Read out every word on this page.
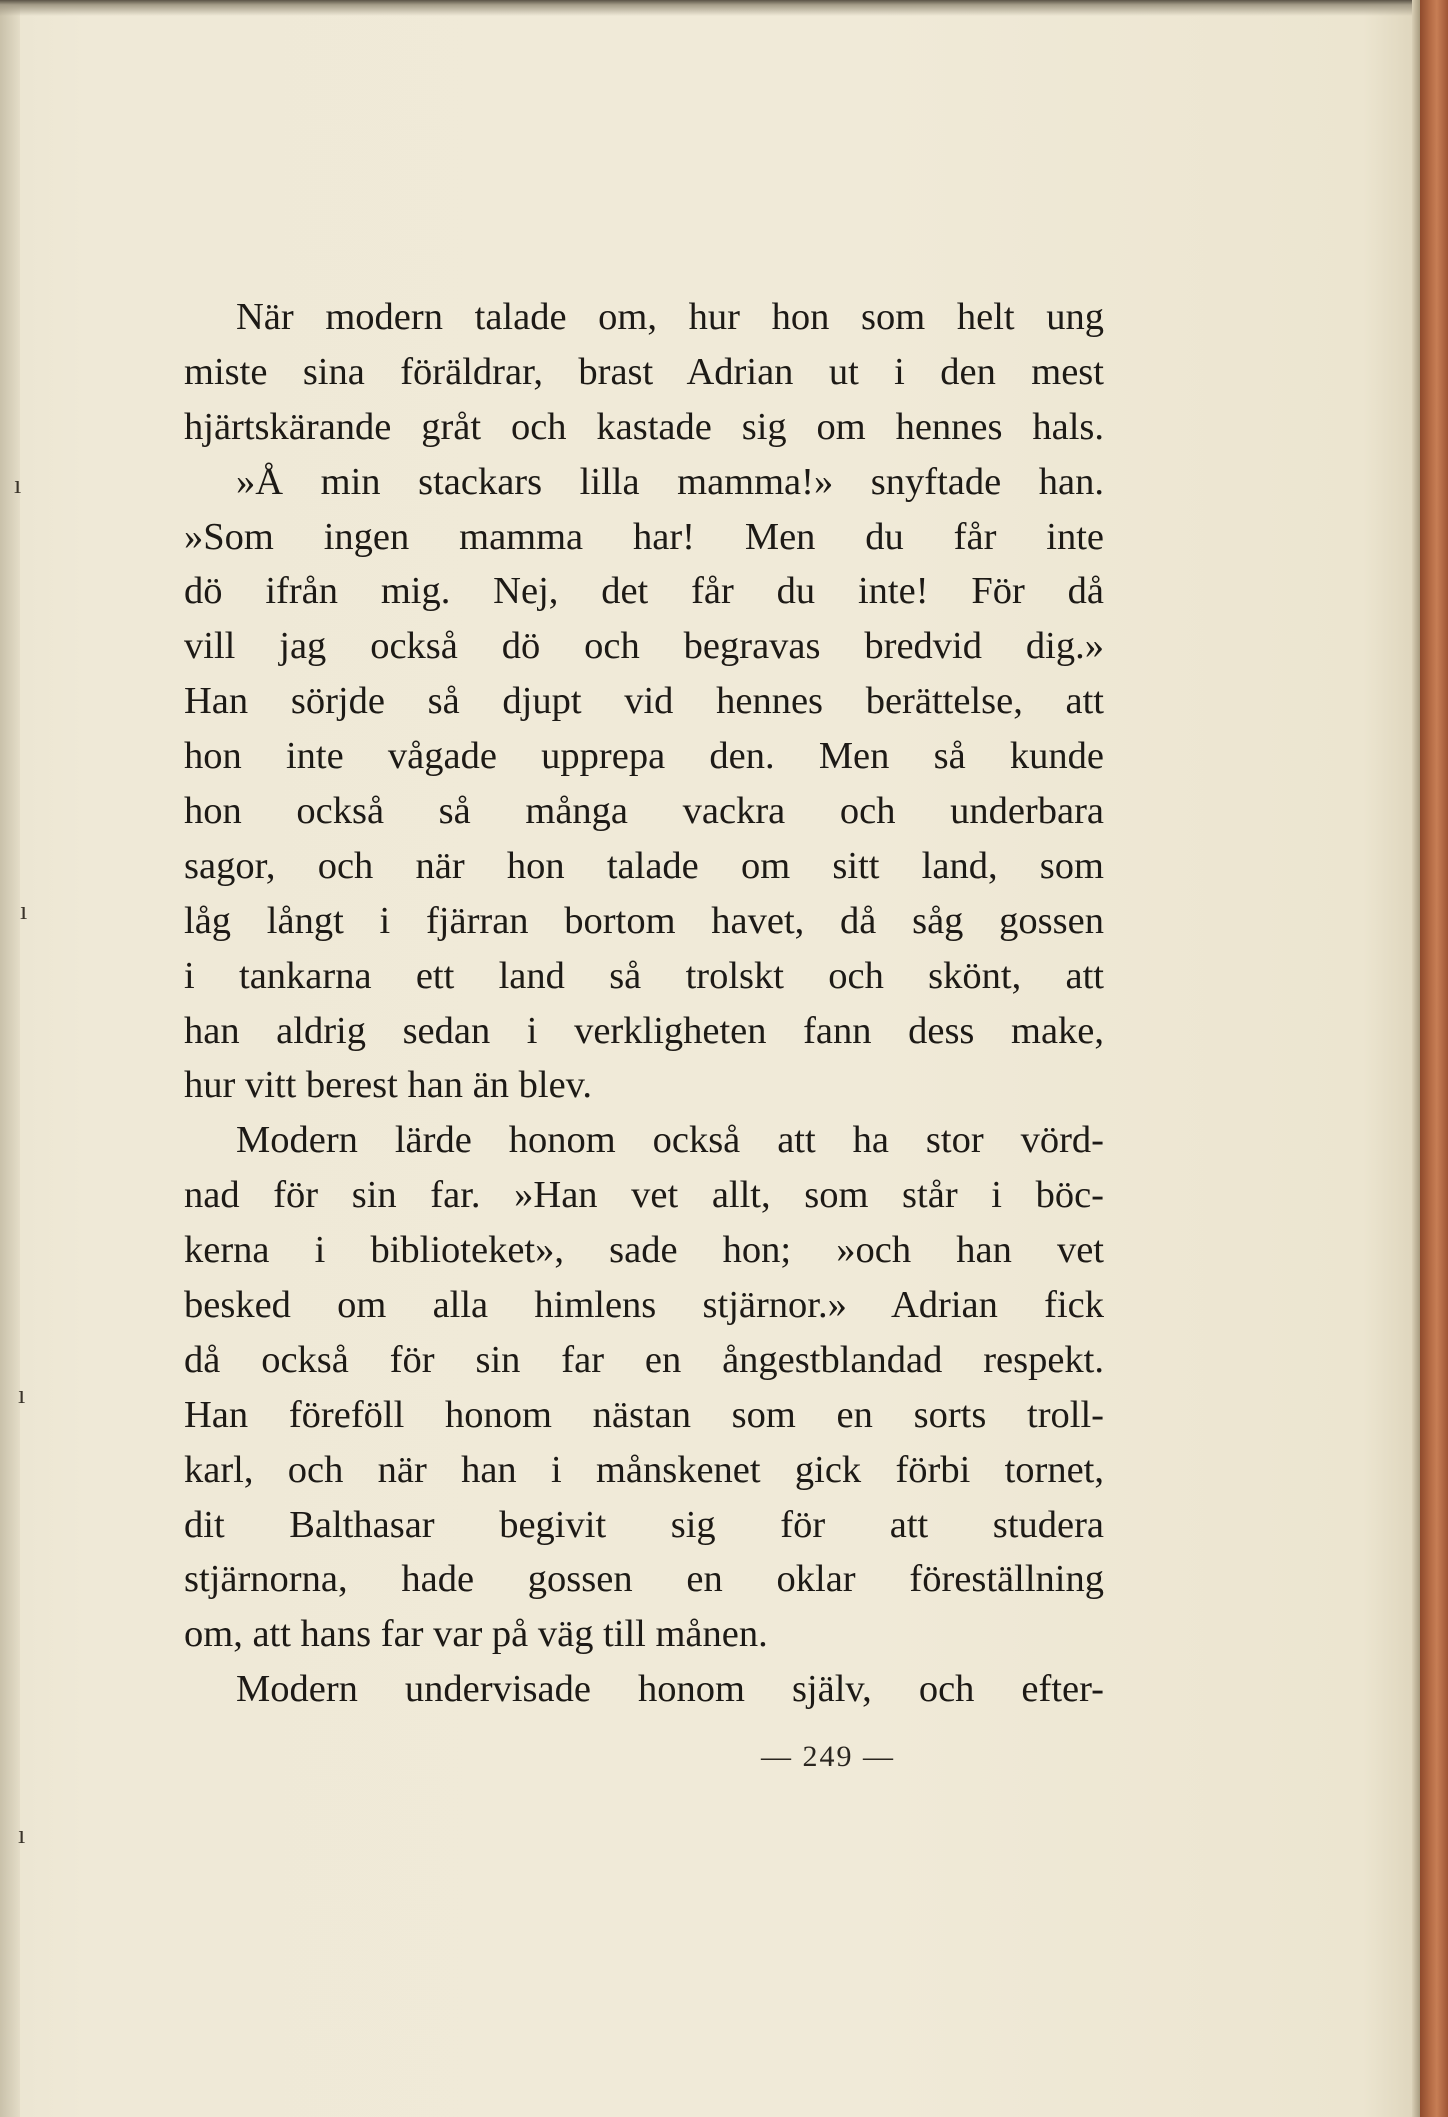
När modern talade om, hur hon som helt ung
miste sina föräldrar, brast Adrian ut i den mest
hjärtskärande gråt och kastade sig om hennes hals.
»Å min stackars lilla mamma!» snyftade han.
»Som ingen mamma har! Men du får inte
dö ifrån mig. Nej, det får du inte! För då
vill jag också dö och begravas bredvid dig.»
Han sörjde så djupt vid hennes berättelse, att
hon inte vågade upprepa den. Men så kunde
hon också så många vackra och underbara
sagor, och när hon talade om sitt land, som
låg långt i fjärran bortom havet, då såg gossen
i tankarna ett land så trolskt och skönt, att
han aldrig sedan i verkligheten fann dess make,
hur vitt berest han än blev.
Modern lärde honom också att ha stor vörd-
nad för sin far. »Han vet allt, som står i böc-
kerna i biblioteket», sade hon; »och han vet
besked om alla himlens stjärnor.» Adrian fick
då också för sin far en ångestblandad respekt.
Han föreföll honom nästan som en sorts troll-
karl, och när han i månskenet gick förbi tornet,
dit Balthasar begivit sig för att studera
stjärnorna, hade gossen en oklar föreställning
om, att hans far var på väg till månen.
Modern undervisade honom själv, och efter-
— 249 —
ı
ı
ı
ı
